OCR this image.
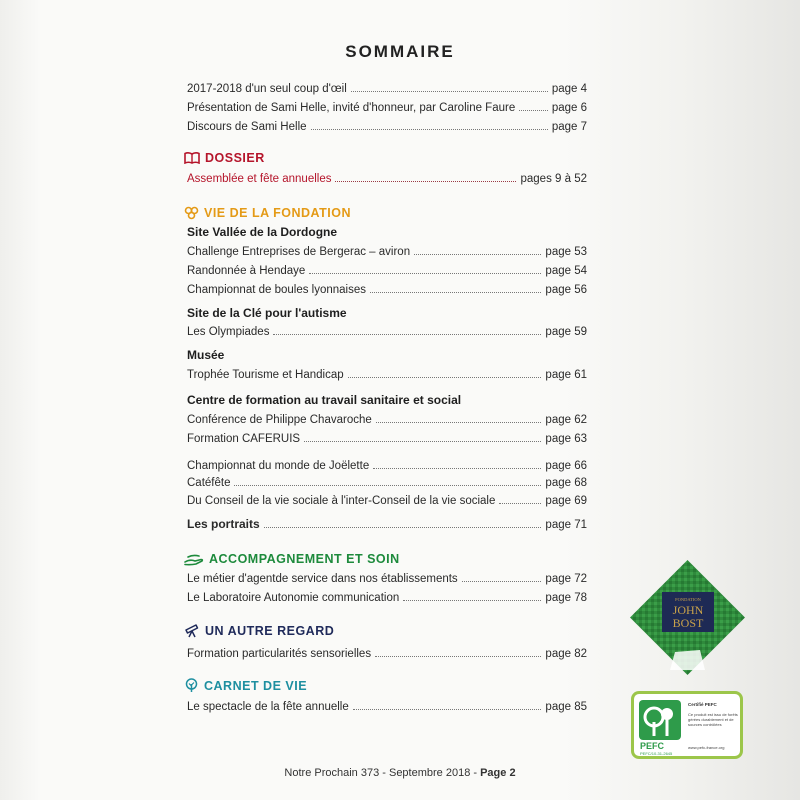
SOMMAIRE
2017-2018 d'un seul coup d'œil	page 4
Présentation de Sami Helle, invité d'honneur, par Caroline Faure	page 6
Discours de Sami Helle	page 7
DOSSIER
Assemblée et fête annuelles	pages 9 à 52
VIE DE LA FONDATION
Site Vallée de la Dordogne
Challenge Entreprises de Bergerac – aviron	page 53
Randonnée à Hendaye	page 54
Championnat de boules lyonnaises	page 56
Site de la Clé pour l'autisme
Les Olympiades	page 59
Musée
Trophée Tourisme et Handicap	page 61
Centre de formation au travail sanitaire et social
Conférence de Philippe Chavaroche	page 62
Formation CAFERUIS	page 63
Championnat du monde de Joëlette	page 66
Catéfête	page 68
Du Conseil de la vie sociale à l'inter-Conseil de la vie sociale	page 69
Les portraits	page 71
ACCOMPAGNEMENT ET SOIN
Le métier d'agentde service dans nos établissements	page 72
Le Laboratoire Autonomie communication	page 78
UN AUTRE REGARD
Formation particularités sensorielles	page 82
CARNET DE VIE
Le spectacle de la fête annuelle	page 85
FONDATION
JOHN
BOST
PEFC
PEFC/10-31-2645
Certifié PEFC
Ce produit est issu de forêts gérées durablement et de sources contrôlées
www.pefc-france.org
Notre Prochain 373 - Septembre 2018 - Page 2
